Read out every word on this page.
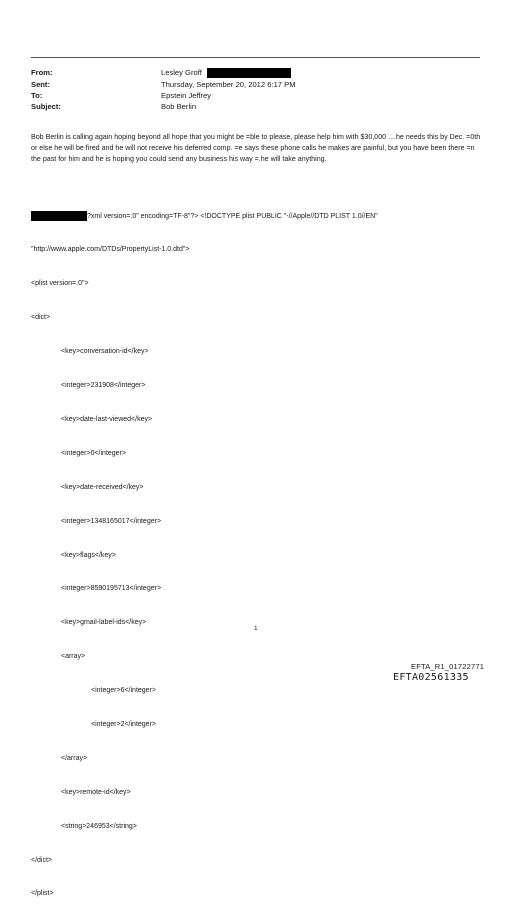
From:	Lesley Groff
Sent:	Thursday, September 20, 2012 6:17 PM
To:	Epstein Jeffrey
Subject:	Bob Berlin

Bob Berlin is calling again hoping beyond all hope that you might be =ble to please, please help him with $30,000 ....he needs this by Dec. =0th or else he will be fired and he will not receive his deferred comp. =e says these phone calls he makes are painful, but you have been there =n the past for him and he is hoping you could send any business his way =.he will take anything.

?xml version=.0" encoding=TF-8"?> <!DOCTYPE plist PUBLIC "-//Apple//DTD PLIST 1.0//EN"

"http://www.apple.com/DTDs/PropertyList-1.0.dtd">

<plist version=.0">

<dict>

<key>conversation-id</key>

<integer>231908</integer>

<key>date-last-viewed</key>

<integer>0</integer>

<key>date-received</key>

<integer>1348165017</integer>

<key>flags</key>

<integer>8590195713</integer>

<key>gmail-label-ids</key>

<array>

<integer>6</integer>

<integer>2</integer>

</array>

<key>remote-id</key>

<string>246953</string>

</dict>

</plist>

1
EFTA_R1_01722771
EFTA02561335
